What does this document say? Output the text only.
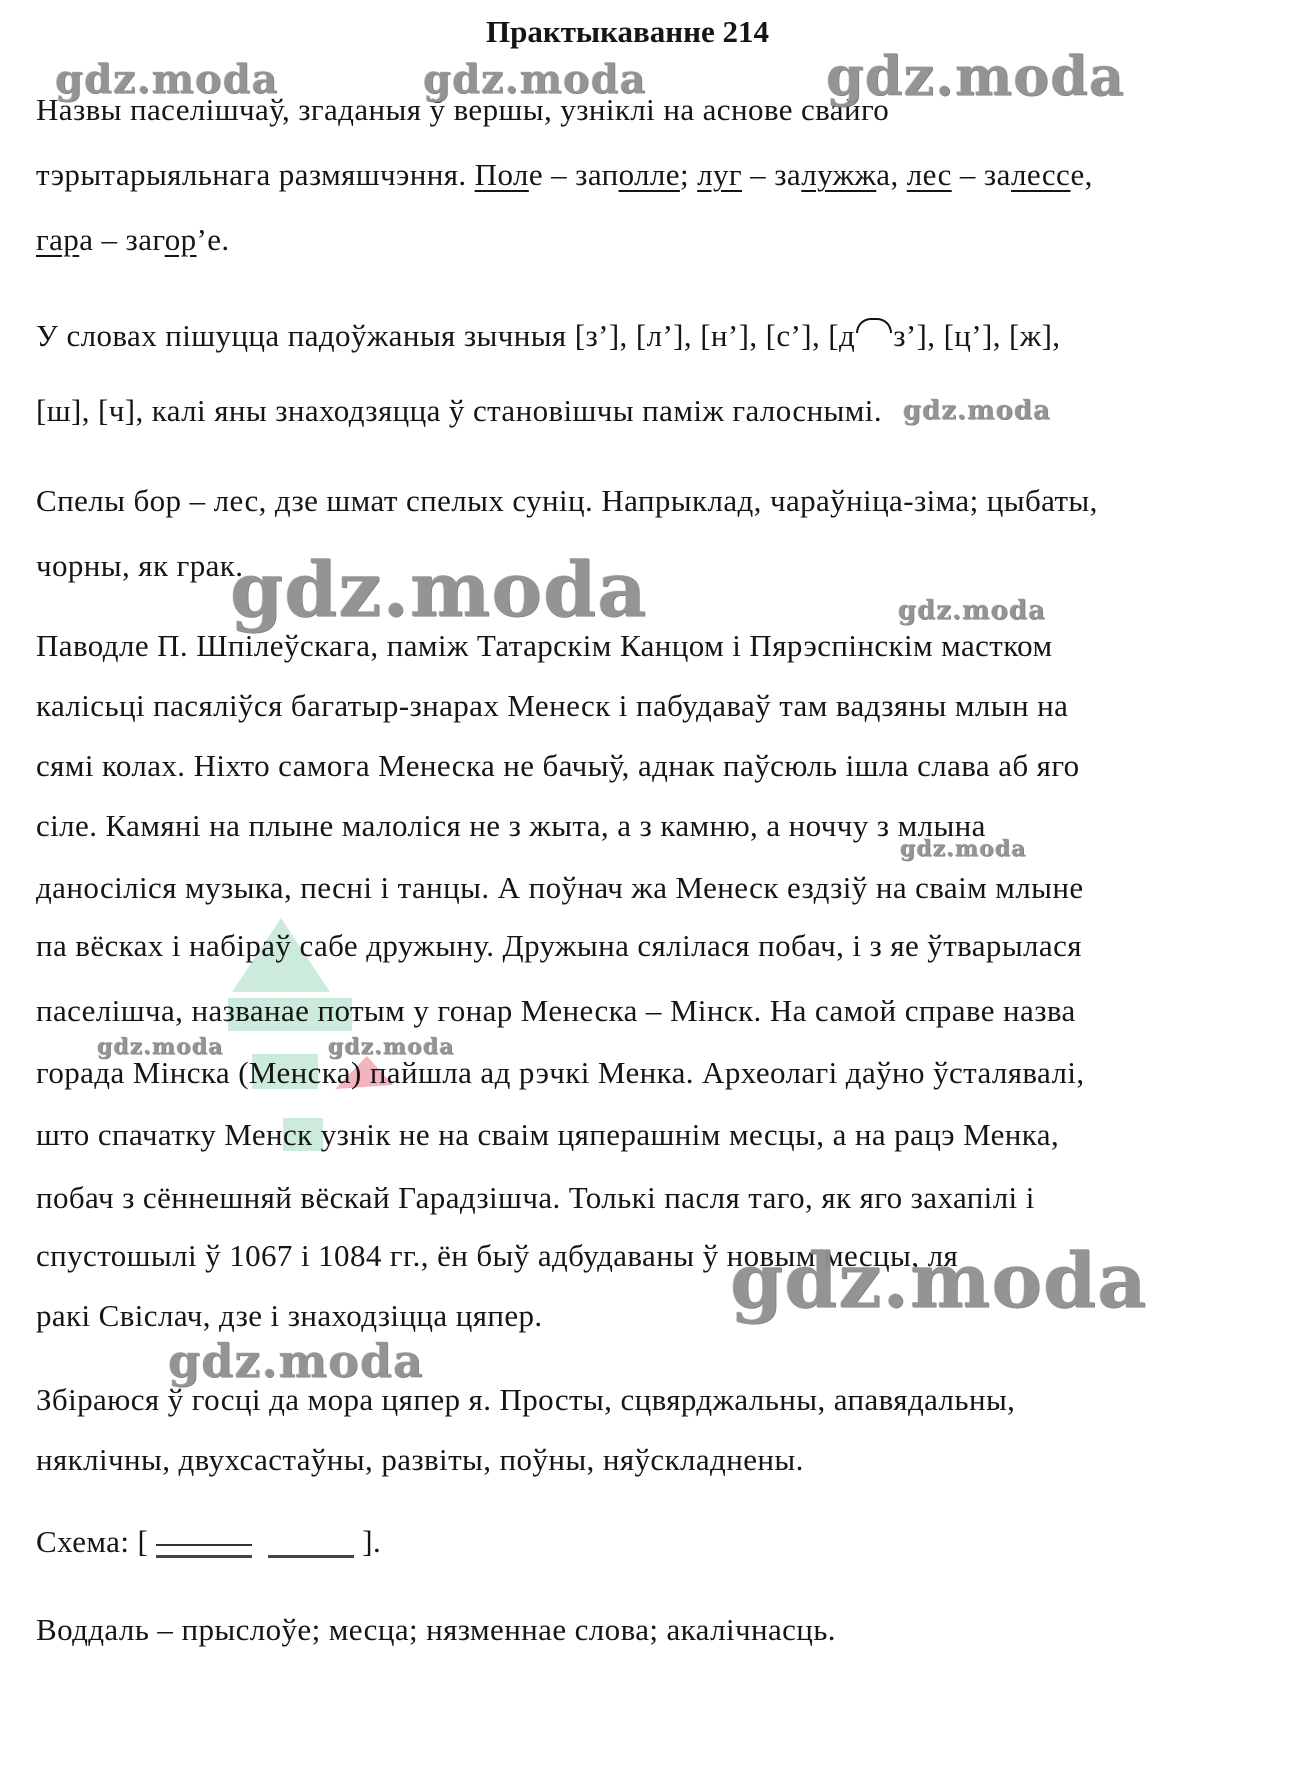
Практыкаванне 214
Назвы паселішчаў, згаданыя ў вершы, узніклі на аснове свайго
тэрытарыяльнага размяшчэння. Поле – заполле; луг – залужжа, лес – залессе,
гара – загор’е.
У словах пішуцца падоўжаныя зычныя [з’], [л’], [н’], [с’], [д з’], [ц’], [ж],
[ш], [ч], калі яны знаходзяцца ў становішчы паміж галоснымі.
Спелы бор – лес, дзе шмат спелых суніц. Напрыклад, чараўніца-зіма; цыбаты,
чорны, як грак.
Паводле П. Шпілеўскага, паміж Татарскім Канцом і Пярэспінскім мастком
калісьці пасяліўся багатыр-знарах Менеск і пабудаваў там вадзяны млын на
сямі колах. Ніхто самога Менеска не бачыў, аднак паўсюль ішла слава аб яго
сіле. Камяні на плыне малоліся не з жыта, а з камню, а ноччу з млына
даносіліся музыка, песні і танцы. А поўнач жа Менеск ездзіў на сваім млыне
па вёсках і набіраў сабе дружыну. Дружына сялілася побач, і з яе ўтварылася
паселішча, названае потым у гонар Менеска – Мінск. На самой справе назва
горада Мінска (Менска) пайшла ад рэчкі Менка. Археолагі даўно ўсталявалі,
што спачатку Менск узнік не на сваім цяперашнім месцы, а на рацэ Менка,
побач з сённешняй вёскай Гарадзішча. Толькі пасля таго, як яго захапілі і
спустошылі ў 1067 і 1084 гг., ён быў адбудаваны ў новым месцы, ля
ракі Свіслач, дзе і знаходзіцца цяпер.
Збіраюся ў госці да мора цяпер я. Просты, сцвярджальны, апавядальны,
няклічны, двухсастаўны, развіты, поўны, няўскладнены.
Схема: [	].
Воддаль – прыслоўе; месца; нязменнае слова; акалічнасць.
gdz.moda	gdz.moda	gdz.moda
gdz.moda
gdz.moda	gdz.moda
gdz.moda
gdz.moda	gdz.moda
gdz.moda
gdz.moda
